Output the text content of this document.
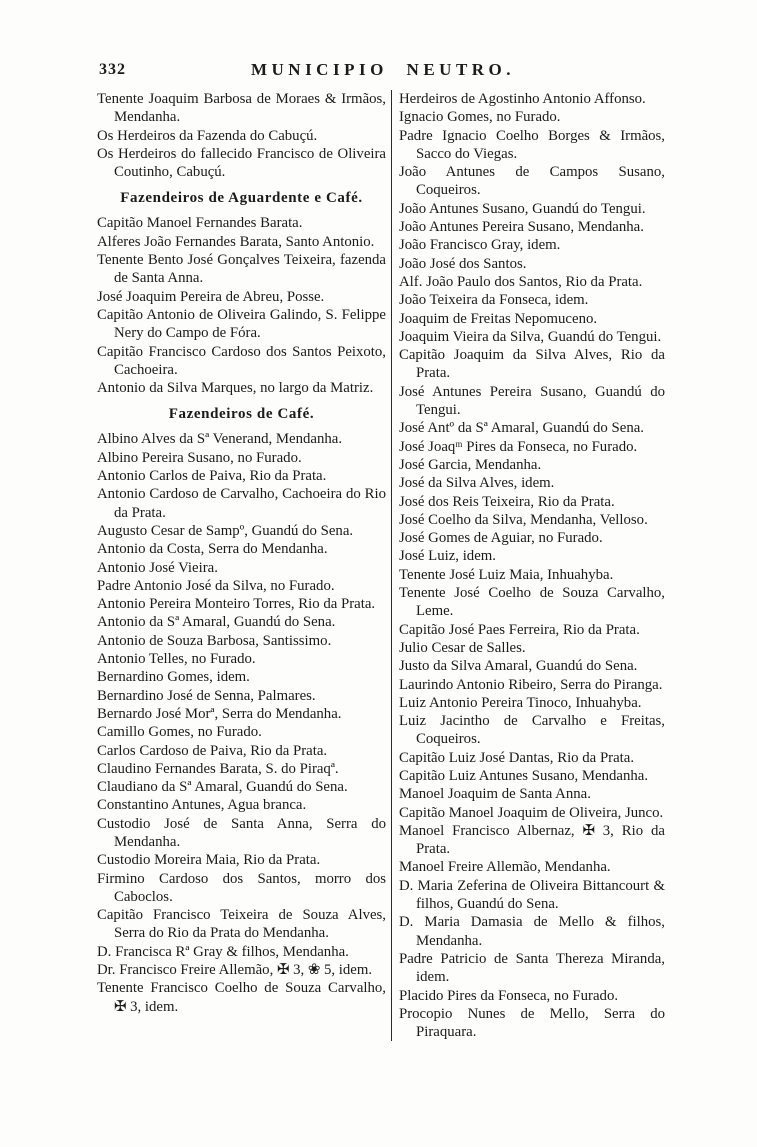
332	MUNICIPIO NEUTRO.
Tenente Joaquim Barbosa de Moraes & Irmãos, Mendanha.
Os Herdeiros da Fazenda do Cabuçú.
Os Herdeiros do fallecido Francisco de Oliveira Coutinho, Cabuçú.
Fazendeiros de Aguardente e Café.
Capitão Manoel Fernandes Barata.
Alferes João Fernandes Barata, Santo Antonio.
Tenente Bento José Gonçalves Teixeira, fazenda de Santa Anna.
José Joaquim Pereira de Abreu, Posse.
Capitão Antonio de Oliveira Galindo, S. Felippe Nery do Campo de Fóra.
Capitão Francisco Cardoso dos Santos Peixoto, Cachoeira.
Antonio da Silva Marques, no largo da Matriz.
Fazendeiros de Café.
Albino Alves da Sª Venerand, Mendanha.
Albino Pereira Susano, no Furado.
Antonio Carlos de Paiva, Rio da Prata.
Antonio Cardoso de Carvalho, Cachoeira do Rio da Prata.
Augusto Cesar de Sampº, Guandú do Sena.
Antonio da Costa, Serra do Mendanha.
Antonio José Vieira.
Padre Antonio José da Silva, no Furado.
Antonio Pereira Monteiro Torres, Rio da Prata.
Antonio da Sª Amaral, Guandú do Sena.
Antonio de Souza Barbosa, Santissimo.
Antonio Telles, no Furado.
Bernardino Gomes, idem.
Bernardino José de Senna, Palmares.
Bernardo José Morª, Serra do Mendanha.
Camillo Gomes, no Furado.
Carlos Cardoso de Paiva, Rio da Prata.
Claudino Fernandes Barata, S. do Piraqª.
Claudiano da Sª Amaral, Guandú do Sena.
Constantino Antunes, Agua branca.
Custodio José de Santa Anna, Serra do Mendanha.
Custodio Moreira Maia, Rio da Prata.
Firmino Cardoso dos Santos, morro dos Caboclos.
Capitão Francisco Teixeira de Souza Alves, Serra do Rio da Prata do Mendanha.
D. Francisca Rª Gray & filhos, Mendanha.
Dr. Francisco Freire Allemão, ✠ 3, ❀ 5, idem.
Tenente Francisco Coelho de Souza Carvalho, ✠ 3, idem.
Herdeiros de Agostinho Antonio Affonso.
Ignacio Gomes, no Furado.
Padre Ignacio Coelho Borges & Irmãos, Sacco do Viegas.
João Antunes de Campos Susano, Coqueiros.
João Antunes Susano, Guandú do Tengui.
João Antunes Pereira Susano, Mendanha.
João Francisco Gray, idem.
João José dos Santos.
Alf. João Paulo dos Santos, Rio da Prata.
João Teixeira da Fonseca, idem.
Joaquim de Freitas Nepomuceno.
Joaquim Vieira da Silva, Guandú do Tengui.
Capitão Joaquim da Silva Alves, Rio da Prata.
José Antunes Pereira Susano, Guandú do Tengui.
José Antº da Sª Amaral, Guandú do Sena.
José Joaqᵐ Pires da Fonseca, no Furado.
José Garcia, Mendanha.
José da Silva Alves, idem.
José dos Reis Teixeira, Rio da Prata.
José Coelho da Silva, Mendanha, Velloso.
José Gomes de Aguiar, no Furado.
José Luiz, idem.
Tenente José Luiz Maia, Inhuahyba.
Tenente José Coelho de Souza Carvalho, Leme.
Capitão José Paes Ferreira, Rio da Prata.
Julio Cesar de Salles.
Justo da Silva Amaral, Guandú do Sena.
Laurindo Antonio Ribeiro, Serra do Piranga.
Luiz Antonio Pereira Tinoco, Inhuahyba.
Luiz Jacintho de Carvalho e Freitas, Coqueiros.
Capitão Luiz José Dantas, Rio da Prata.
Capitão Luiz Antunes Susano, Mendanha.
Manoel Joaquim de Santa Anna.
Capitão Manoel Joaquim de Oliveira, Junco.
Manoel Francisco Albernaz, ✠ 3, Rio da Prata.
Manoel Freire Allemão, Mendanha.
D. Maria Zeferina de Oliveira Bittancourt & filhos, Guandú do Sena.
D. Maria Damasia de Mello & filhos, Mendanha.
Padre Patricio de Santa Thereza Miranda, idem.
Placido Pires da Fonseca, no Furado.
Procopio Nunes de Mello, Serra do Piraquara.
